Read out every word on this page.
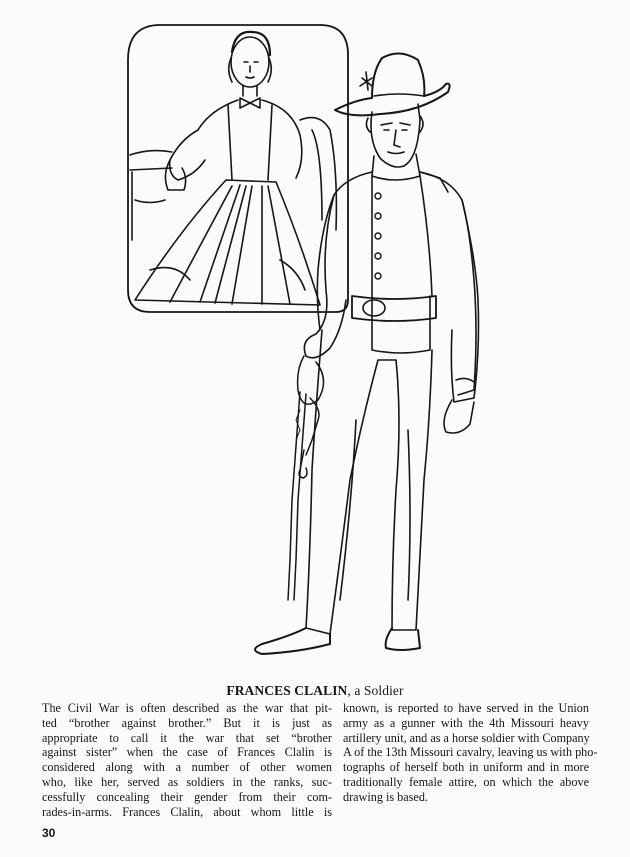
FRANCES CLALIN, a Soldier
The Civil War is often described as the war that pit-
ted “brother against brother.” But it is just as
appropriate to call it the war that set “brother
against sister” when the case of Frances Clalin is
considered along with a number of other women
who, like her, served as soldiers in the ranks, suc-
cessfully concealing their gender from their com-
rades-in-arms. Frances Clalin, about whom little is
known, is reported to have served in the Union
army as a gunner with the 4th Missouri heavy
artillery unit, and as a horse soldier with Company
A of the 13th Missouri cavalry, leaving us with pho-
tographs of herself both in uniform and in more
traditionally female attire, on which the above
drawing is based.
30
